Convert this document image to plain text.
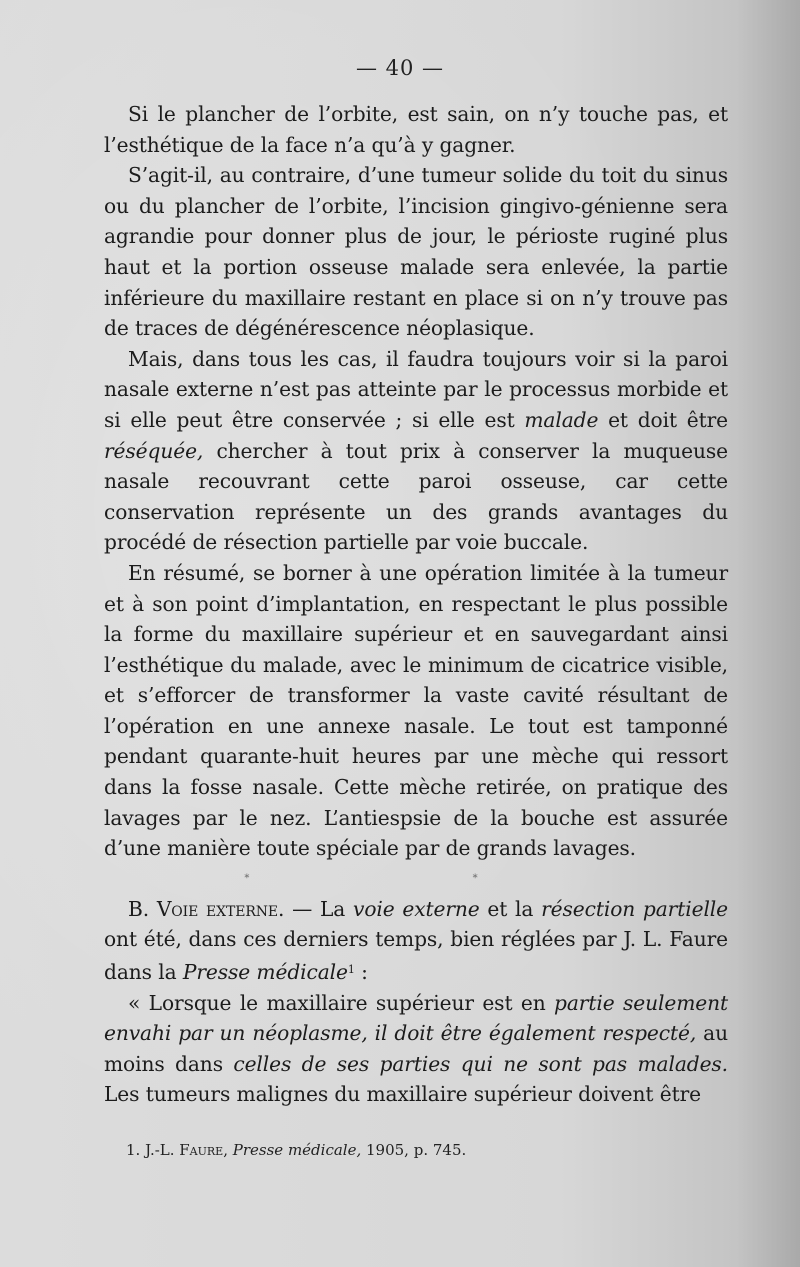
— 40 —

Si le plancher de l’orbite, est sain, on n’y touche pas, et l’esthétique de la face n’a qu’à y gagner.

S’agit-il, au contraire, d’une tumeur solide du toit du sinus ou du plancher de l’orbite, l’incision gingivo-génienne sera agrandie pour donner plus de jour, le périoste ruginé plus haut et la portion osseuse malade sera enlevée, la partie inférieure du maxillaire restant en place si on n’y trouve pas de traces de dégénérescence néoplasique.

Mais, dans tous les cas, il faudra toujours voir si la paroi nasale externe n’est pas atteinte par le processus morbide et si elle peut être conservée ; si elle est malade et doit être réséquée, chercher à tout prix à conserver la muqueuse nasale recouvrant cette paroi osseuse, car cette conservation représente un des grands avantages du procédé de résection partielle par voie buccale.

En résumé, se borner à une opération limitée à la tumeur et à son point d’implantation, en respectant le plus possible la forme du maxillaire supérieur et en sauvegardant ainsi l’esthétique du malade, avec le minimum de cicatrice visible, et s’efforcer de transformer la vaste cavité résultant de l’opération en une annexe nasale. Le tout est tamponné pendant quarante-huit heures par une mèche qui ressort dans la fosse nasale. Cette mèche retirée, on pratique des lavages par le nez. L’antiespsie de la bouche est assurée d’une manière toute spéciale par de grands lavages.

* *

B. Voie externe. — La voie externe et la résection partielle ont été, dans ces derniers temps, bien réglées par J. L. Faure dans la Presse médicale$^1$ :

« Lorsque le maxillaire supérieur est en partie seulement envahi par un néoplasme, il doit être également respecté, au moins dans celles de ses parties qui ne sont pas malades. Les tumeurs malignes du maxillaire supérieur doivent être

1. J.-L. Faure, Presse médicale, 1905, p. 745.
